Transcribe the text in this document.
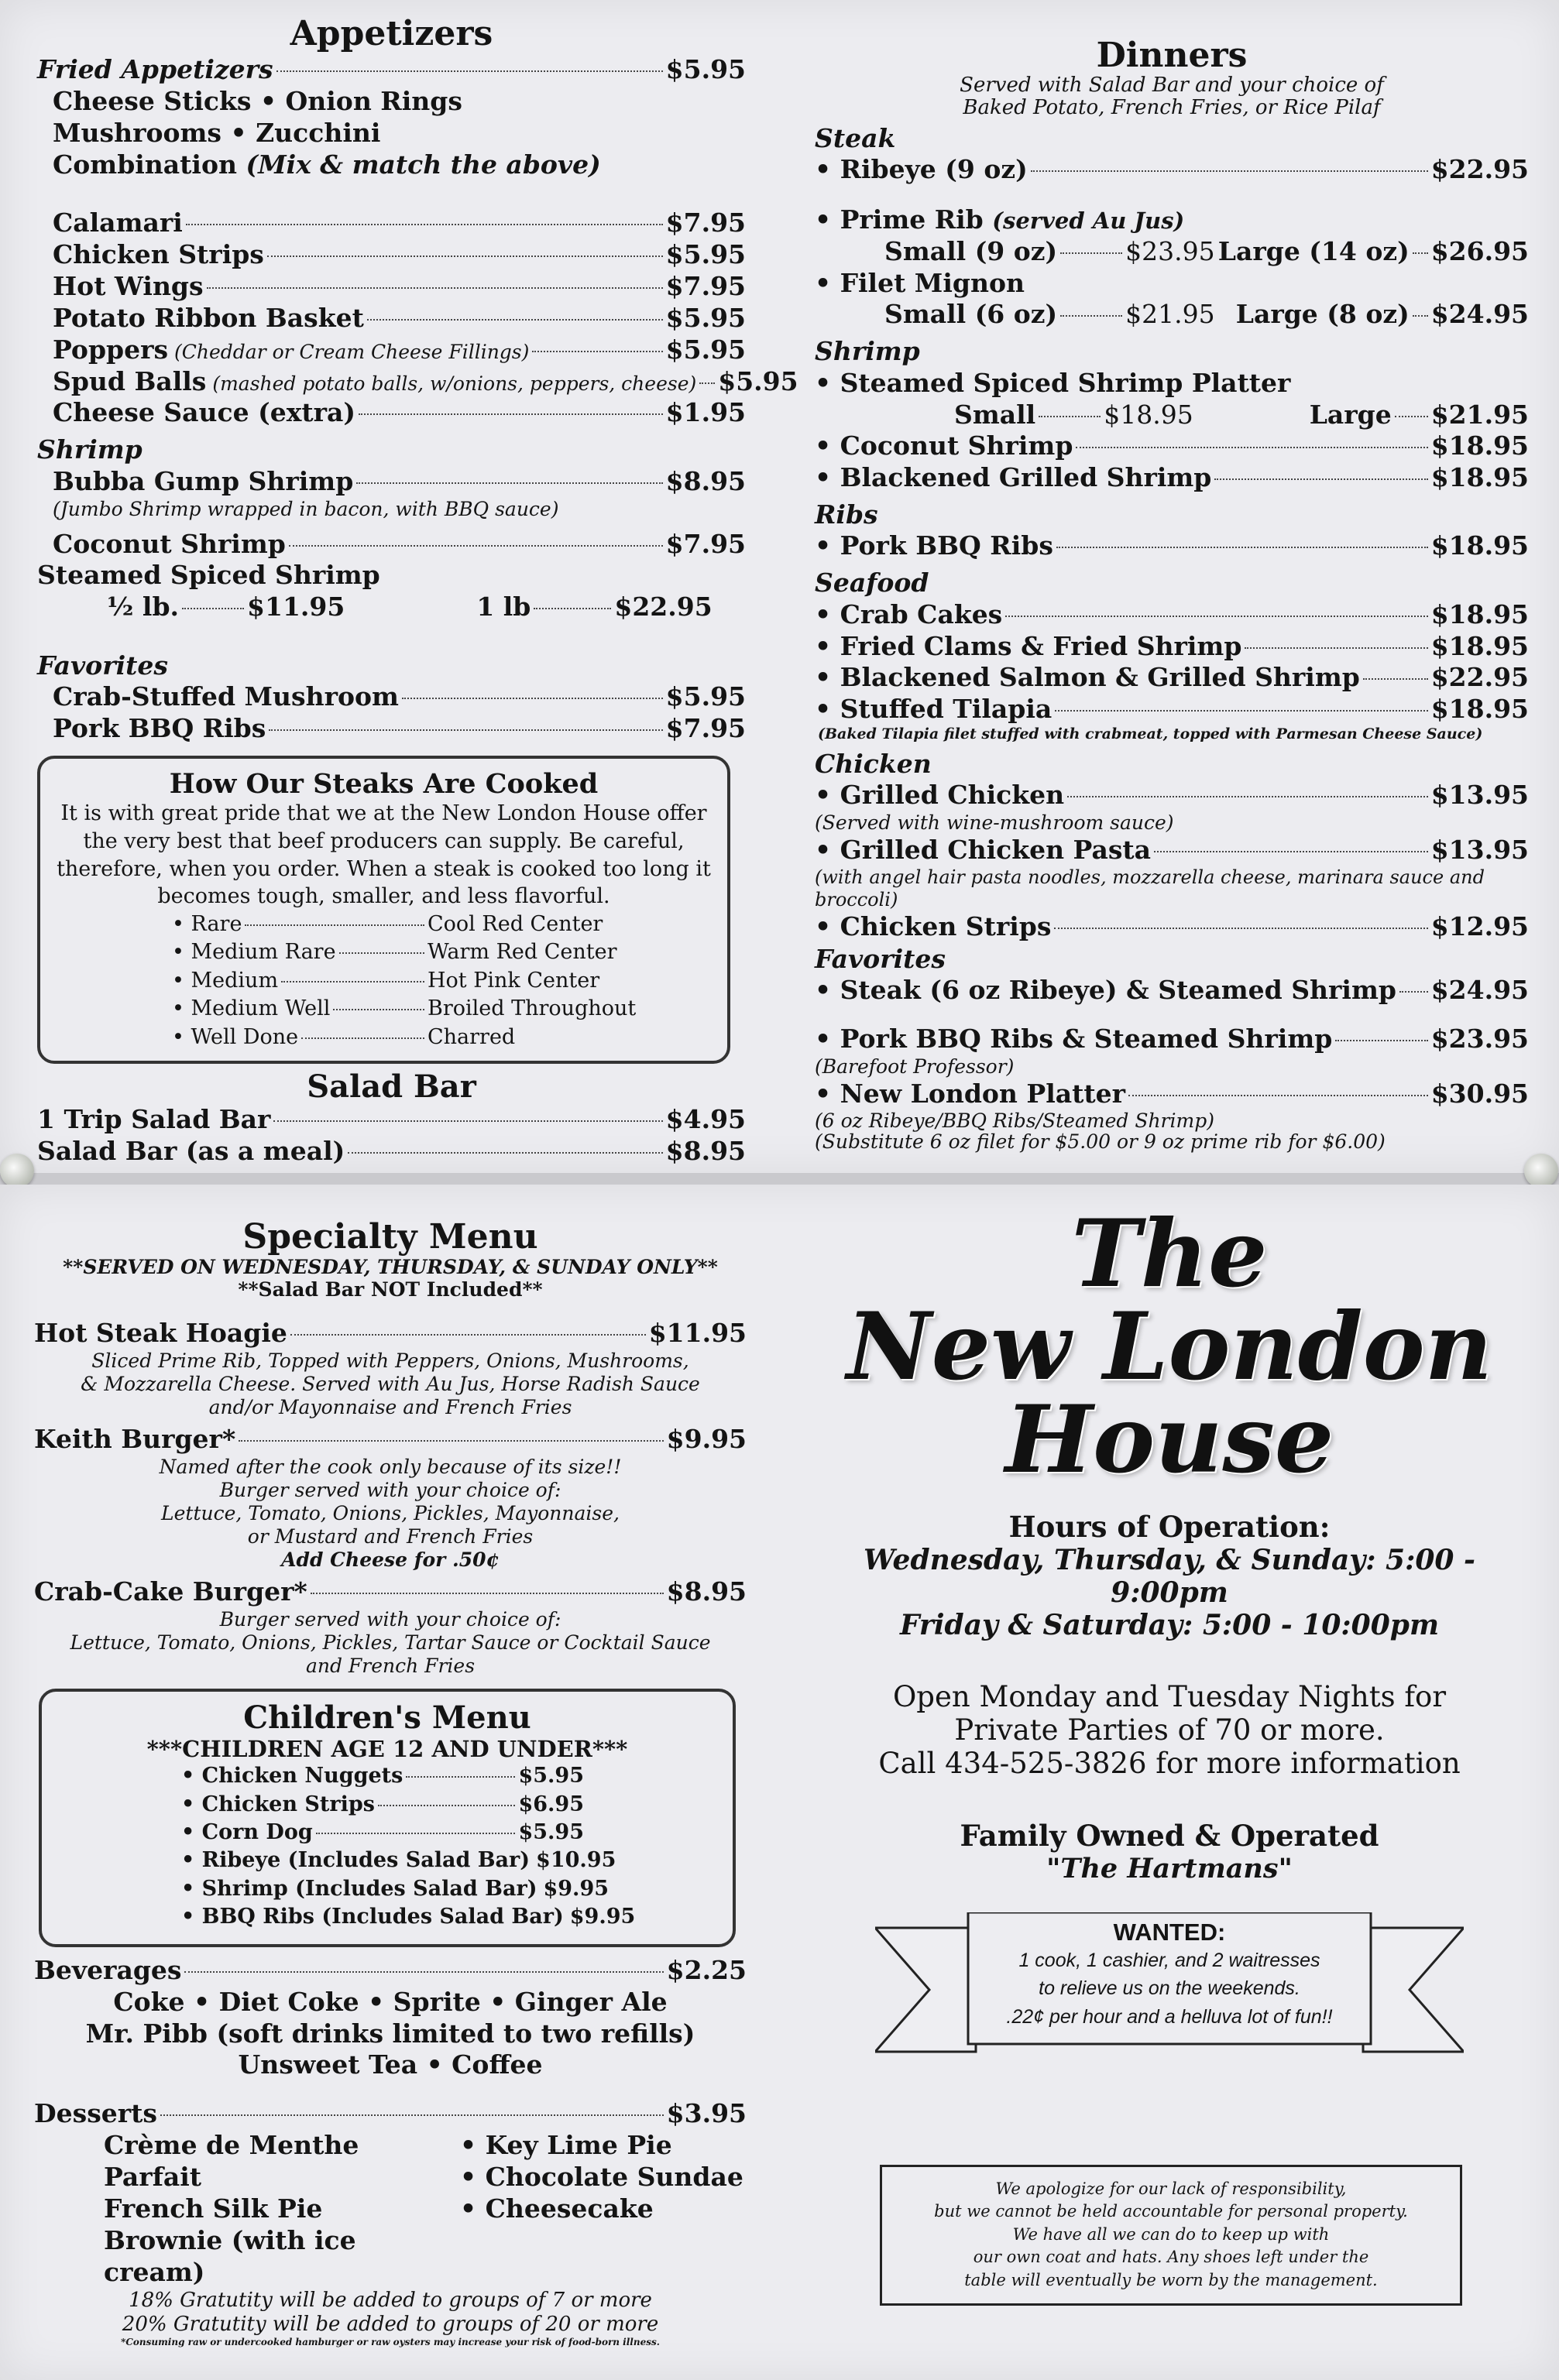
Appetizers
Fried Appetizers	$5.95
Cheese Sticks • Onion Rings
Mushrooms • Zucchini
Combination (Mix & match the above)
Calamari	$7.95
Chicken Strips	$5.95
Hot Wings	$7.95
Potato Ribbon Basket	$5.95
Poppers (Cheddar or Cream Cheese Fillings)	$5.95
Spud Balls (mashed potato balls, w/onions, peppers, cheese) $5.95
Cheese Sauce (extra)	$1.95
Shrimp
Bubba Gump Shrimp	$8.95
(Jumbo Shrimp wrapped in bacon, with BBQ sauce)
Coconut Shrimp	$7.95
Steamed Spiced Shrimp
½ lb.	$11.95	1 lb	$22.95
Favorites
Crab-Stuffed Mushroom	$5.95
Pork BBQ Ribs	$7.95
How Our Steaks Are Cooked
It is with great pride that we at the New London House offer the very best that beef producers can supply. Be careful, therefore, when you order. When a steak is cooked too long it becomes tough, smaller, and less flavorful.
• Rare	Cool Red Center
• Medium Rare	Warm Red Center
• Medium	Hot Pink Center
• Medium Well	Broiled Throughout
• Well Done	Charred
Salad Bar
1 Trip Salad Bar	$4.95
Salad Bar (as a meal)	$8.95
Dinners
Served with Salad Bar and your choice of
Baked Potato, French Fries, or Rice Pilaf
Steak
• Ribeye (9 oz)	$22.95
• Prime Rib (served Au Jus)
Small (9 oz)	$23.95 Large (14 oz) $26.95
• Filet Mignon
Small (6 oz)	$21.95 Large (8 oz) $24.95
Shrimp
• Steamed Spiced Shrimp Platter
Small	$18.95	Large $21.95
• Coconut Shrimp	$18.95
• Blackened Grilled Shrimp	$18.95
Ribs
• Pork BBQ Ribs	$18.95
Seafood
• Crab Cakes	$18.95
• Fried Clams & Fried Shrimp	$18.95
• Blackened Salmon & Grilled Shrimp	$22.95
• Stuffed Tilapia	$18.95
(Baked Tilapia filet stuffed with crabmeat, topped with Parmesan Cheese Sauce)
Chicken
• Grilled Chicken	$13.95
(Served with wine-mushroom sauce)
• Grilled Chicken Pasta	$13.95
(with angel hair pasta noodles, mozzarella cheese, marinara sauce and broccoli)
• Chicken Strips	$12.95
Favorites
• Steak (6 oz Ribeye) & Steamed Shrimp $24.95
• Pork BBQ Ribs & Steamed Shrimp	$23.95
(Barefoot Professor)
• New London Platter	$30.95
(6 oz Ribeye/BBQ Ribs/Steamed Shrimp)
(Substitute 6 oz filet for $5.00 or 9 oz prime rib for $6.00)
Specialty Menu
**SERVED ON WEDNESDAY, THURSDAY, & SUNDAY ONLY**
**Salad Bar NOT Included**
Hot Steak Hoagie	$11.95
Sliced Prime Rib, Topped with Peppers, Onions, Mushrooms,
& Mozzarella Cheese. Served with Au Jus, Horse Radish Sauce
and/or Mayonnaise and French Fries
Keith Burger*	$9.95
Named after the cook only because of its size!!
Burger served with your choice of:
Lettuce, Tomato, Onions, Pickles, Mayonnaise,
or Mustard and French Fries
Add Cheese for .50¢
Crab-Cake Burger*	$8.95
Burger served with your choice of:
Lettuce, Tomato, Onions, Pickles, Tartar Sauce or Cocktail Sauce
and French Fries
Children's Menu
***CHILDREN AGE 12 AND UNDER***
• Chicken Nuggets	$5.95
• Chicken Strips	$6.95
• Corn Dog	$5.95
• Ribeye (Includes Salad Bar) $10.95
• Shrimp (Includes Salad Bar) $9.95
• BBQ Ribs (Includes Salad Bar) $9.95
Beverages	$2.25
Coke • Diet Coke • Sprite • Ginger Ale
Mr. Pibb (soft drinks limited to two refills)
Unsweet Tea • Coffee
Desserts	$3.95
Crème de Menthe Parfait
French Silk Pie
Brownie (with ice cream)
• Key Lime Pie
• Chocolate Sundae
• Cheesecake
18% Gratutity will be added to groups of 7 or more
20% Gratutity will be added to groups of 20 or more
*Consuming raw or undercooked hamburger or raw oysters may increase your risk of food-born illness.
The
New London
House
Hours of Operation:
Wednesday, Thursday, & Sunday: 5:00 - 9:00pm
Friday & Saturday: 5:00 - 10:00pm
Open Monday and Tuesday Nights for
Private Parties of 70 or more.
Call 434-525-3826 for more information
Family Owned & Operated
"The Hartmans"
WANTED:
1 cook, 1 cashier, and 2 waitresses
to relieve us on the weekends.
.22¢ per hour and a helluva lot of fun!!
We apologize for our lack of responsibility,
but we cannot be held accountable for personal property.
We have all we can do to keep up with
our own coat and hats. Any shoes left under the
table will eventually be worn by the management.
